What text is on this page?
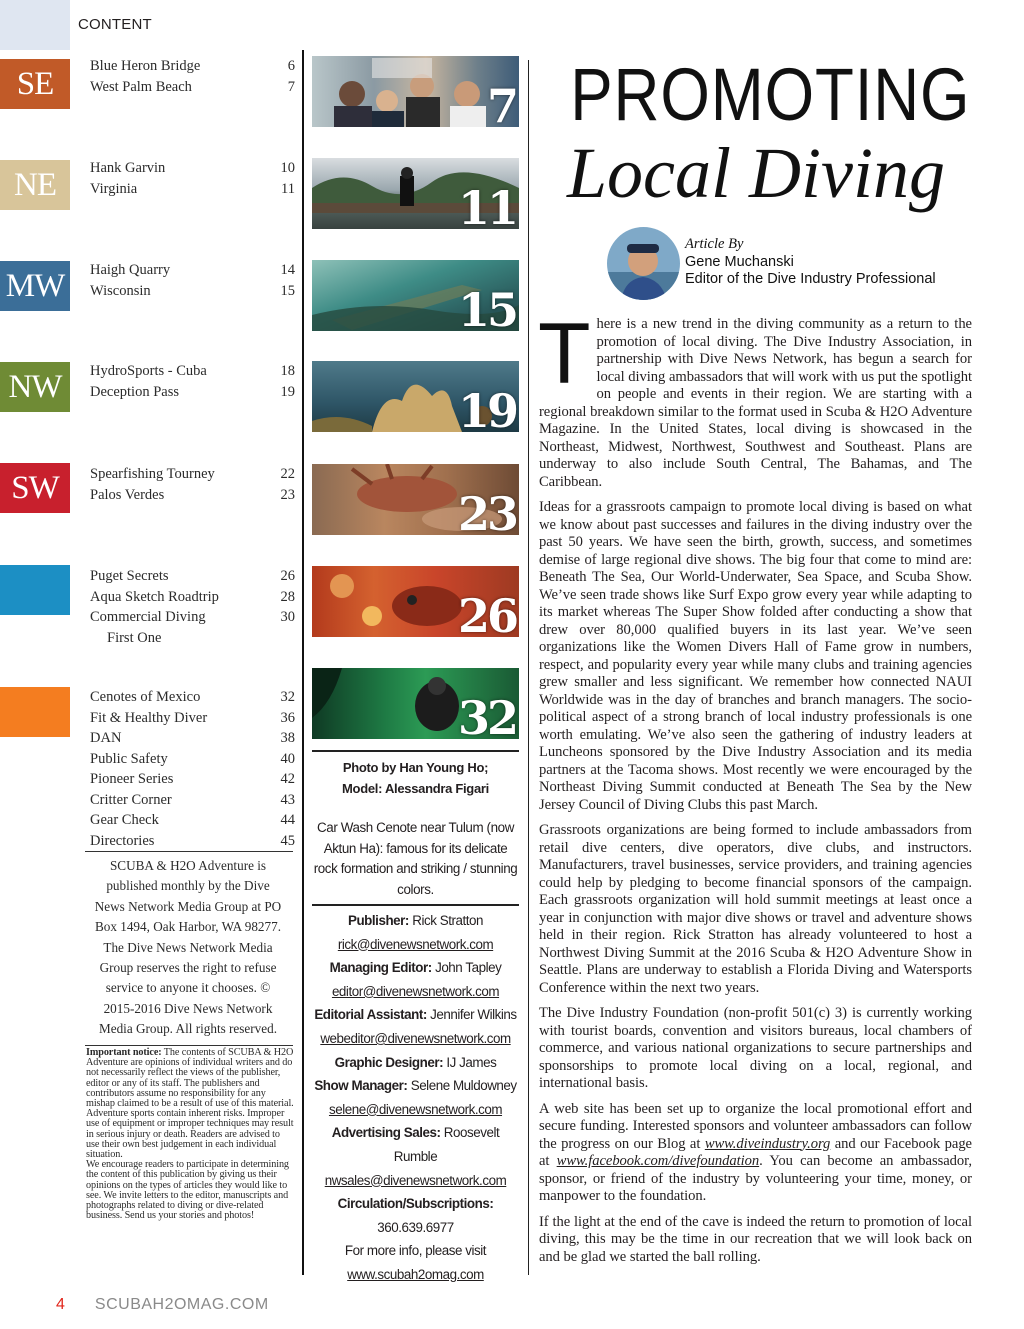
CONTENT
SE
NE
MW
NW
SW
Blue Heron Bridge	6
West Palm Beach	7
Hank Garvin	10
Virginia	11
Haigh Quarry	14
Wisconsin	15
HydroSports - Cuba	18
Deception Pass	19
Spearfishing Tourney	22
Palos Verdes	23
Puget Secrets	26
Aqua Sketch Roadtrip	28
Commercial Diving	30
First One
Cenotes of Mexico	32
Fit & Healthy Diver	36
DAN	38
Public Safety	40
Pioneer Series	42
Critter Corner	43
Gear Check	44
Directories	45
SCUBA & H2O Adventure is published monthly by the Dive News Network Media Group at PO Box 1494, Oak Harbor, WA 98277. The Dive News Network Media Group reserves the right to refuse service to anyone it chooses. © 2015-2016 Dive News Network Media Group. All rights reserved.
Important notice: The contents of SCUBA & H2O Adventure are opinions of individual writers and do not necessarily reflect the views of the publisher, editor or any of its staff. The publishers and contributors assume no responsibility for any mishap claimed to be a result of use of this material. Adventure sports contain inherent risks. Improper use of equipment or improper techniques may result in serious injury or death. Readers are advised to use their own best judgement in each individual situation.
We encourage readers to participate in determining the content of this publication by giving us their opinions on the types of articles they would like to see. We invite letters to the editor, manuscripts and photographs related to diving or dive-related business. Send us your stories and photos!
7
11
15
19
23
26
32
Photo by Han Young Ho;
Model: Alessandra Figari
Car Wash Cenote near Tulum (now Aktun Ha): famous for its delicate rock formation and striking / stunning colors.
Publisher: Rick Stratton
rick@divenewsnetwork.com
Managing Editor: John Tapley
editor@divenewsnetwork.com
Editorial Assistant: Jennifer Wilkins
webeditor@divenewsnetwork.com
Graphic Designer: IJ James
Show Manager: Selene Muldowney
selene@divenewsnetwork.com
Advertising Sales: Roosevelt Rumble
nwsales@divenewsnetwork.com
Circulation/Subscriptions:
360.639.6977
For more info, please visit
www.scubah2omag.com
PROMOTING
Local Diving
Article By
Gene Muchanski
Editor of the Dive Industry Professional

There is a new trend in the diving community as a return to the promotion of local diving. The Dive Industry Association, in partnership with Dive News Network, has begun a search for local diving ambassadors that will work with us put the spotlight on people and events in their region. We are starting with a regional breakdown similar to the format used in Scuba & H2O Adventure Magazine. In the United States, local diving is showcased in the Northeast, Midwest, Northwest, Southwest and Southeast. Plans are underway to also include South Central, The Bahamas, and The Caribbean.

Ideas for a grassroots campaign to promote local diving is based on what we know about past successes and failures in the diving industry over the past 50 years. We have seen the birth, growth, success, and sometimes demise of large regional dive shows. The big four that come to mind are: Beneath The Sea, Our World-Underwater, Sea Space, and Scuba Show. We’ve seen trade shows like Surf Expo grow every year while adapting to its market whereas The Super Show folded after conducting a show that drew over 80,000 qualified buyers in its last year. We’ve seen organizations like the Women Divers Hall of Fame grow in numbers, respect, and popularity every year while many clubs and training agencies grew smaller and less significant. We remember how connected NAUI Worldwide was in the day of branches and branch managers. The socio-political aspect of a strong branch of local industry professionals is one worth emulating. We’ve also seen the gathering of industry leaders at Luncheons sponsored by the Dive Industry Association and its media partners at the Tacoma shows. Most recently we were encouraged by the Northeast Diving Summit conducted at Beneath The Sea by the New Jersey Council of Diving Clubs this past March.

Grassroots organizations are being formed to include ambassadors from retail dive centers, dive operators, dive clubs, and instructors. Manufacturers, travel businesses, service providers, and training agencies could help by pledging to become financial sponsors of the campaign. Each grassroots organization will hold summit meetings at least once a year in conjunction with major dive shows or travel and adventure shows held in their region. Rick Stratton has already volunteered to host a Northwest Diving Summit at the 2016 Scuba & H2O Adventure Show in Seattle. Plans are underway to establish a Florida Diving and Watersports Conference within the next two years.

The Dive Industry Foundation (non-profit 501(c) 3) is currently working with tourist boards, convention and visitors bureaus, local chambers of commerce, and various national organizations to secure partnerships and sponsorships to promote local diving on a local, regional, and international basis.

A web site has been set up to organize the local promotional effort and secure funding. Interested sponsors and volunteer ambassadors can follow the progress on our Blog at www.diveindustry.org and our Facebook page at www.facebook.com/divefoundation. You can become an ambassador, sponsor, or friend of the industry by volunteering your time, money, or manpower to the foundation.

If the light at the end of the cave is indeed the return to promotion of local diving, this may be the time in our recreation that we will look back on and be glad we started the ball rolling.

4 SCUBAH2OMAG.COM
